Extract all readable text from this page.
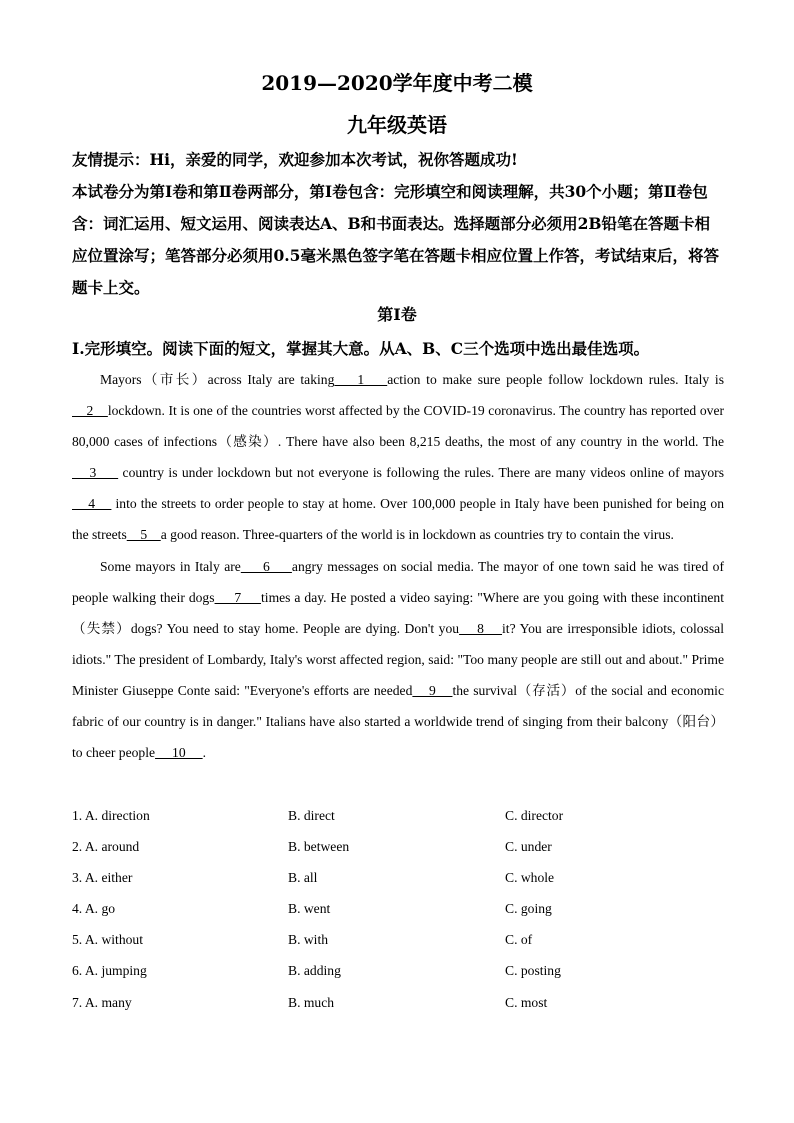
2019—2020学年度中考二模
九年级英语
友情提示：Hi，亲爱的同学，欢迎参加本次考试，祝你答题成功!
本试卷分为第Ⅰ卷和第Ⅱ卷两部分，第Ⅰ卷包含：完形填空和阅读理解，共30个小题；第Ⅱ卷包含：词汇运用、短文运用、阅读表达A、B和书面表达。选择题部分必须用2B铅笔在答题卡相应位置涂写；笔答部分必须用0.5毫米黑色签字笔在答题卡相应位置上作答，考试结束后，将答题卡上交。
第Ⅰ卷
Ⅰ.完形填空。阅读下面的短文，掌握其大意。从A、B、C三个选项中选出最佳选项。

Mayors（市长）across Italy are taking    1    action to make sure people follow lockdown rules. Italy is    2    lockdown. It is one of the countries worst affected by the COVID-19 coronavirus. The country has reported over 80,000 cases of infections（感染）. There have also been 8,215 deaths, the most of any country in the world. The    3      country is under lockdown but not everyone is following the rules. There are many videos online of mayors    4     into the streets to order people to stay at home. Over 100,000 people in Italy have been punished for being on the streets    5    a good reason. Three-quarters of the world is in lockdown as countries try to contain the virus.

Some mayors in Italy are     6     angry messages on social media. The mayor of one town said he was tired of people walking their dogs     7     times a day. He posted a video saying: "Where are you going with these incontinent（失禁）dogs? You need to stay home. People are dying. Don't you    8    it? You are irresponsible idiots, colossal idiots." The president of Lombardy, Italy's worst affected region, said: "Too many people are still out and about." Prime Minister Giuseppe Conte said: "Everyone's efforts are needed    9    the survival（存活）of the social and economic fabric of our country is in danger." Italians have also started a worldwide trend of singing from their balcony（阳台）to cheer people     10     .

1. A. direction	B. direct	C. director
2. A. around	B. between	C. under
3. A. either	B. all	C. whole
4. A. go	B. went	C. going
5. A. without	B. with	C. of
6. A. jumping	B. adding	C. posting
7. A. many	B. much	C. most
